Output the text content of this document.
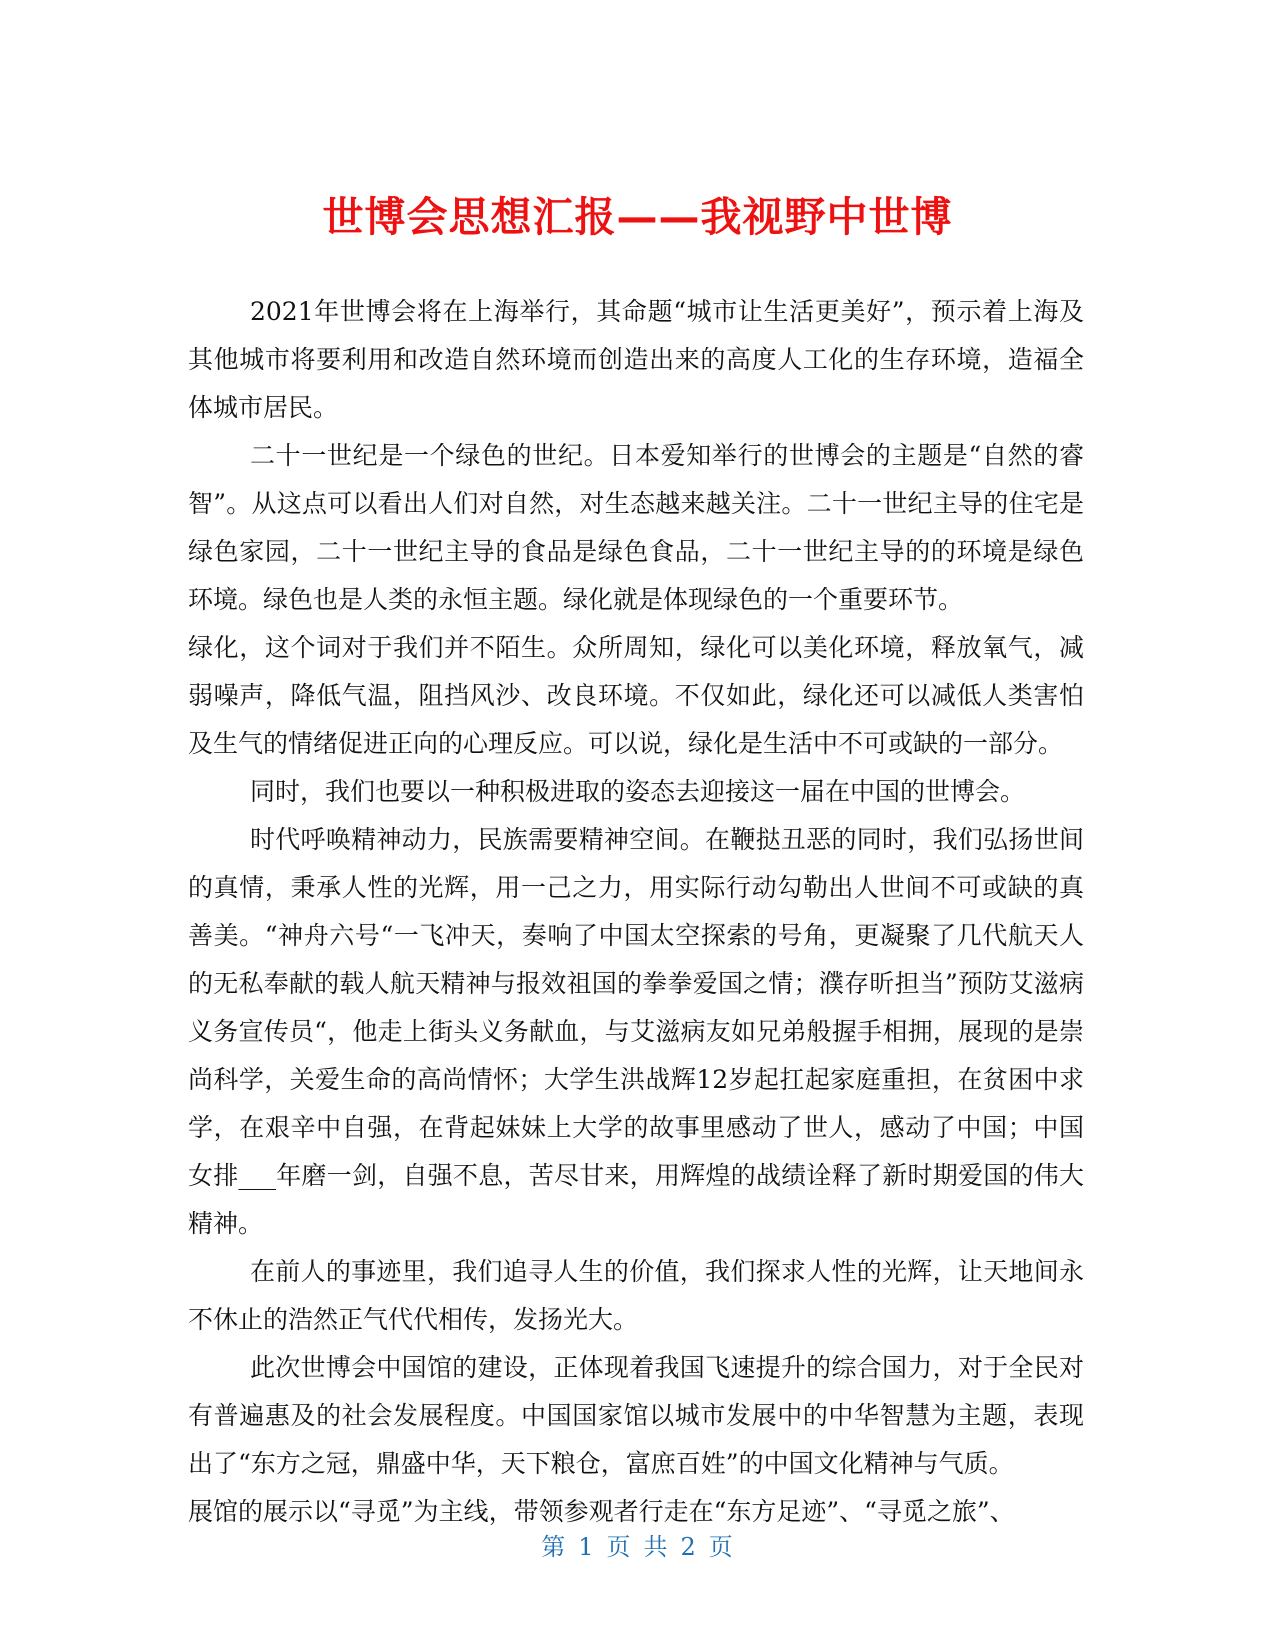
世博会思想汇报——我视野中世博

2021年世博会将在上海举行，其命题“城市让生活更美好”，预示着上海及其他城市将要利用和改造自然环境而创造出来的高度人工化的生存环境，造福全体城市居民。

二十一世纪是一个绿色的世纪。日本爱知举行的世博会的主题是“自然的睿智”。从这点可以看出人们对自然，对生态越来越关注。二十一世纪主导的住宅是绿色家园，二十一世纪主导的食品是绿色食品，二十一世纪主导的的环境是绿色环境。绿色也是人类的永恒主题。绿化就是体现绿色的一个重要环节。

绿化，这个词对于我们并不陌生。众所周知，绿化可以美化环境，释放氧气，减弱噪声，降低气温，阻挡风沙、改良环境。不仅如此，绿化还可以减低人类害怕及生气的情绪促进正向的心理反应。可以说，绿化是生活中不可或缺的一部分。

同时，我们也要以一种积极进取的姿态去迎接这一届在中国的世博会。

时代呼唤精神动力，民族需要精神空间。在鞭挞丑恶的同时，我们弘扬世间的真情，秉承人性的光辉，用一己之力，用实际行动勾勒出人世间不可或缺的真善美。“神舟六号“一飞冲天，奏响了中国太空探索的号角，更凝聚了几代航天人的无私奉献的载人航天精神与报效祖国的拳拳爱国之情；濮存昕担当”预防艾滋病义务宣传员“，他走上街头义务献血，与艾滋病友如兄弟般握手相拥，展现的是崇尚科学，关爱生命的高尚情怀；大学生洪战辉12岁起扛起家庭重担，在贫困中求学，在艰辛中自强，在背起妹妹上大学的故事里感动了世人，感动了中国；中国女排___年磨一剑，自强不息，苦尽甘来，用辉煌的战绩诠释了新时期爱国的伟大精神。

在前人的事迹里，我们追寻人生的价值，我们探求人性的光辉，让天地间永不休止的浩然正气代代相传，发扬光大。

此次世博会中国馆的建设，正体现着我国飞速提升的综合国力，对于全民对有普遍惠及的社会发展程度。中国国家馆以城市发展中的中华智慧为主题，表现出了“东方之冠，鼎盛中华，天下粮仓，富庶百姓”的中国文化精神与气质。

展馆的展示以“寻觅”为主线，带领参观者行走在“东方足迹”、“寻觅之旅”、

第 1 页 共 2 页
